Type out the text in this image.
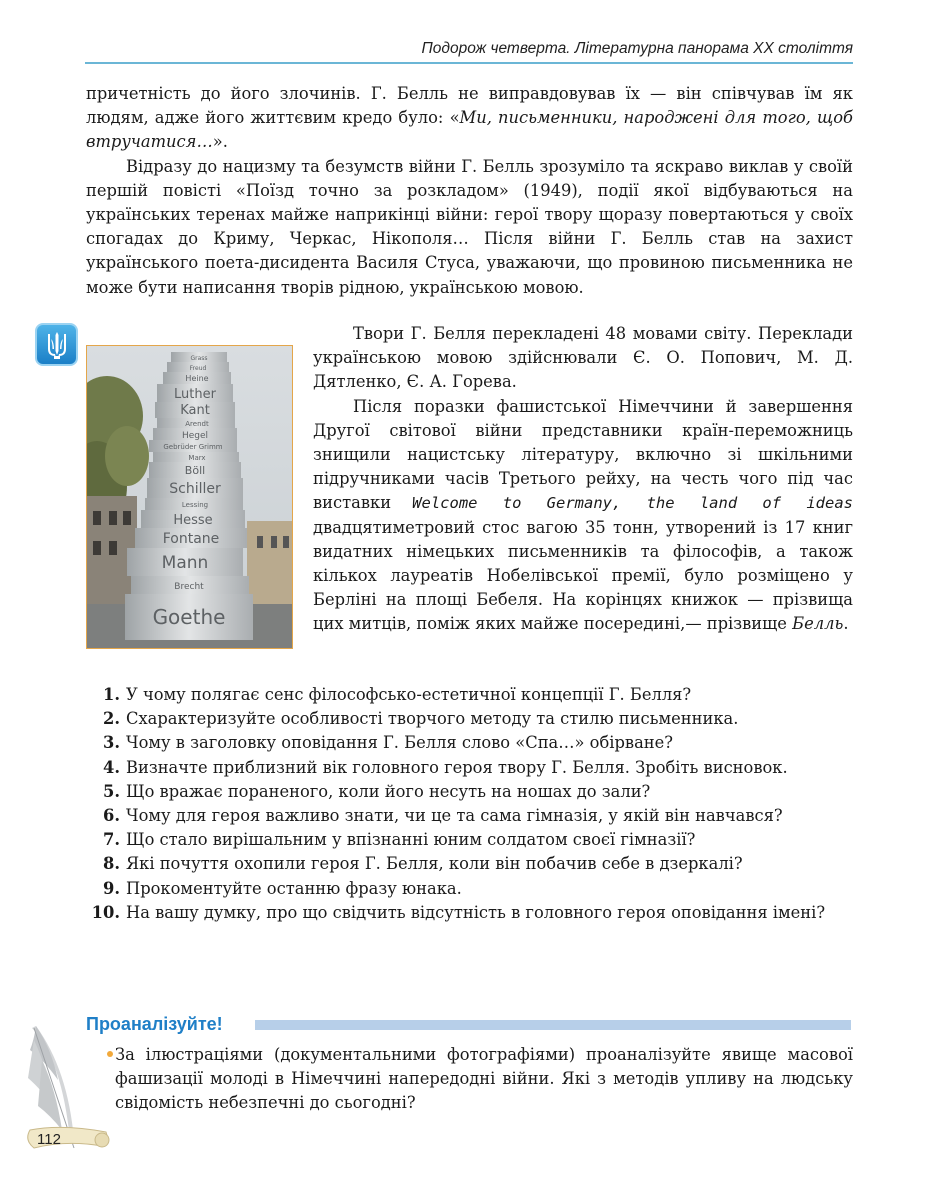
Подорож четверта. Літературна панорама ХХ століття

причетність до його злочинів. Г. Белль не виправдовував їх — він співчував їм як людям, адже його життєвим кредо було: «Ми, письменники, народжені для того, щоб втручатися…».

Відразу до нацизму та безумств війни Г. Белль зрозуміло та яскраво виклав у своїй першій повісті «Поїзд точно за розкладом» (1949), події якої відбуваються на українських теренах майже наприкінці війни: герої твору щоразу повертаються у своїх спогадах до Криму, Черкас, Нікополя… Після війни Г. Белль став на захист українського поета-дисидента Василя Стуса, уважаючи, що провиною письменника не може бути написання творів рідною, українською мовою.

Goethe
Brecht
Mann
Fontane
Hesse
Lessing
Schiller
Böll
Marx
Gebrüder Grimm
Hegel
Arendt
Kant
Luther
Heine
Freud
Grass

Твори Г. Белля перекладені 48 мовами світу. Переклади українською мовою здійснювали Є. О. Попович, М. Д. Дятленко, Є. А. Горева.

Після поразки фашистської Німеччини й завершення Другої світової війни представники країн-переможниць знищили нацистську літературу, включно зі шкільними підручниками часів Третього рейху, на честь чого під час виставки Welcome to Germany, the land of ideas двадцятиметровий стос вагою 35 тонн, утворений із 17 книг видатних німецьких письменників та філософів, а також кількох лауреатів Нобелівської премії, було розміщено у Берліні на площі Бебеля. На корінцях книжок — прізвища цих митців, поміж яких майже посередині,— прізвище Белль.

1. У чому полягає сенс філософсько-естетичної концепції Г. Белля?
2. Схарактеризуйте особливості творчого методу та стилю письменника.
3. Чому в заголовку оповідання Г. Белля слово «Спа…» обірване?
4. Визначте приблизний вік головного героя твору Г. Белля. Зробіть висновок.
5. Що вражає пораненого, коли його несуть на ношах до зали?
6. Чому для героя важливо знати, чи це та сама гімназія, у якій він навчався?
7. Що стало вирішальним у впізнанні юним солдатом своєї гімназії?
8. Які почуття охопили героя Г. Белля, коли він побачив себе в дзеркалі?
9. Прокоментуйте останню фразу юнака.
10. На вашу думку, про що свідчить відсутність в головного героя оповідання імені?
Проаналізуйте!

За ілюстраціями (документальними фотографіями) проаналізуйте явище масової фашизації молоді в Німеччині напередодні війни. Які з методів упливу на людську свідомість небезпечні до сьогодні?

112
